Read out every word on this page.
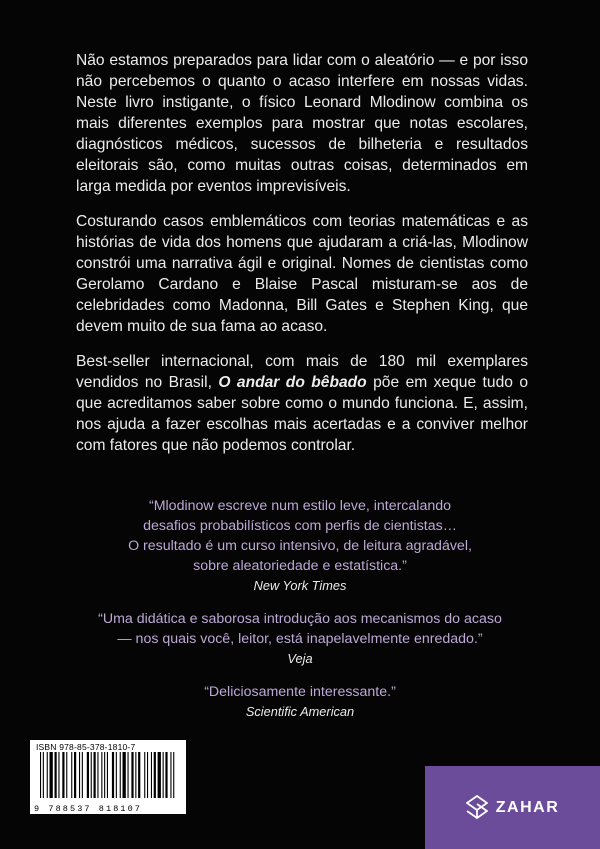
Não estamos preparados para lidar com o aleatório — e por isso não percebemos o quanto o acaso interfere em nossas vidas. Neste livro instigante, o físico Leonard Mlodinow combina os mais diferentes exemplos para mostrar que notas escolares, diagnósticos médicos, sucessos de bilheteria e resultados eleitorais são, como muitas outras coisas, determinados em larga medida por eventos imprevisíveis.

Costurando casos emblemáticos com teorias matemáticas e as histórias de vida dos homens que ajudaram a criá-las, Mlodinow constrói uma narrativa ágil e original. Nomes de cientistas como Gerolamo Cardano e Blaise Pascal misturam-se aos de celebridades como Madonna, Bill Gates e Stephen King, que devem muito de sua fama ao acaso.

Best-seller internacional, com mais de 180 mil exemplares vendidos no Brasil, O andar do bêbado põe em xeque tudo o que acreditamos saber sobre como o mundo funciona. E, assim, nos ajuda a fazer escolhas mais acertadas e a conviver melhor com fatores que não podemos controlar.

“Mlodinow escreve num estilo leve, intercalando
desafios probabilísticos com perfis de cientistas…
O resultado é um curso intensivo, de leitura agradável,
sobre aleatoriedade e estatística.”
New York Times
“Uma didática e saborosa introdução aos mecanismos do acaso
— nos quais você, leitor, está inapelavelmente enredado.”
Veja
“Deliciosamente interessante.”
Scientific American
ISBN 978-85-378-1810-7
9 788537 818107	ZAHAR
